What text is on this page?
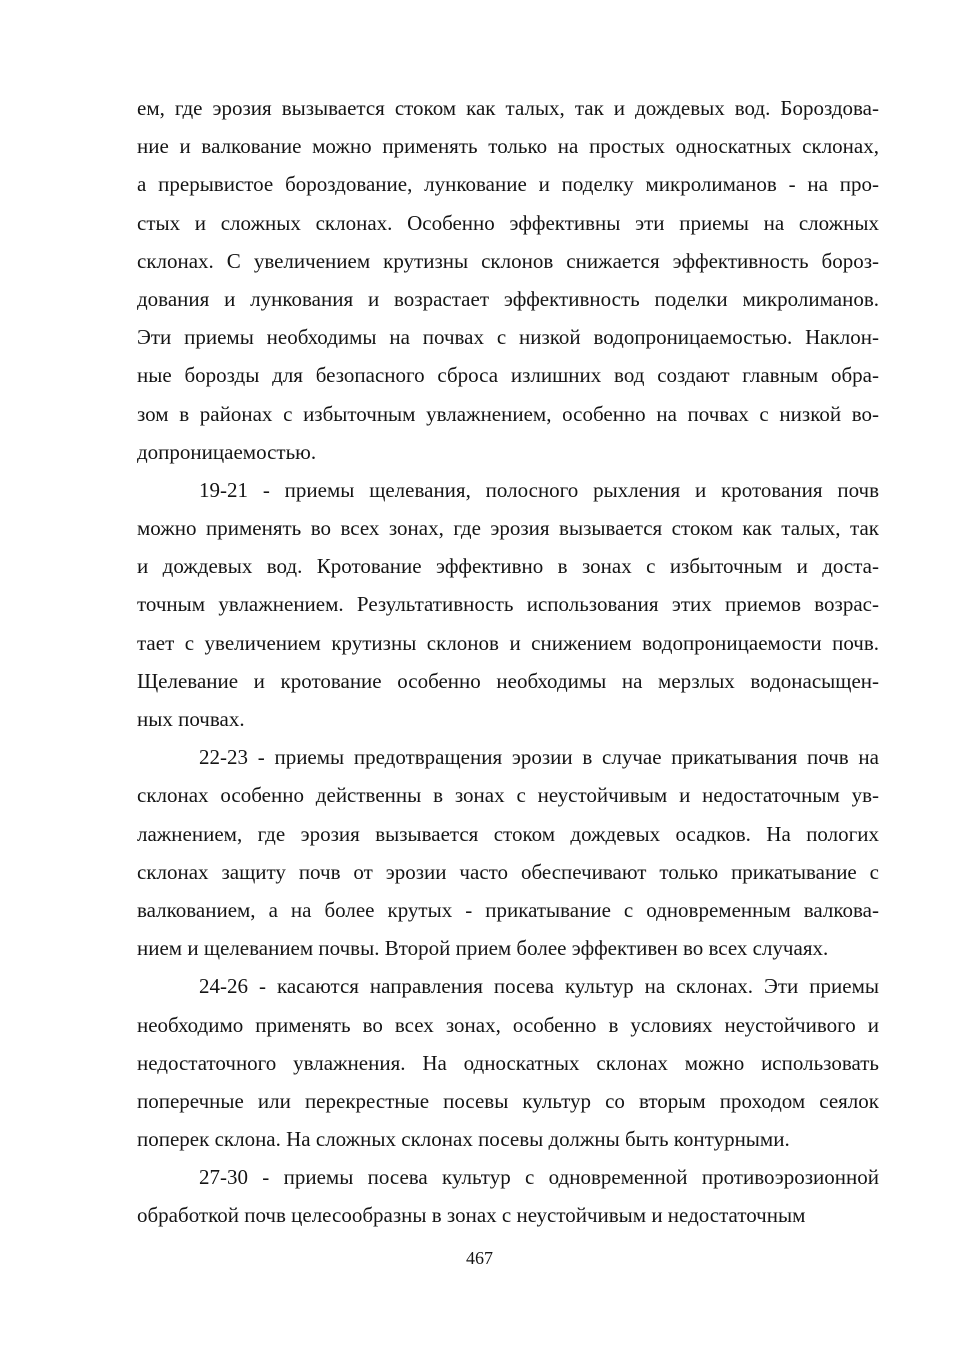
ем, где эрозия вызывается стоком как талых, так и дождевых вод. Бороздова-
ние и валкование можно применять только на простых односкатных склонах,
а прерывистое бороздование, лункование и поделку микролиманов - на про-
стых и сложных склонах. Особенно эффективны эти приемы на сложных
склонах. С увеличением крутизны склонов снижается эффективность бороз-
дования и лункования и возрастает эффективность поделки микролиманов.
Эти приемы необходимы на почвах с низкой водопроницаемостью. Наклон-
ные борозды для безопасного сброса излишних вод создают главным обра-
зом в районах с избыточным увлажнением, особенно на почвах с низкой во-
допроницаемостью.
19-21 - приемы щелевания, полосного рыхления и кротования почв
можно применять во всех зонах, где эрозия вызывается стоком как талых, так
и дождевых вод. Кротование эффективно в зонах с избыточным и доста-
точным увлажнением. Результативность использования этих приемов возрас-
тает с увеличением крутизны склонов и снижением водопроницаемости почв.
Щелевание и кротование особенно необходимы на мерзлых водонасыщен-
ных почвах.
22-23 - приемы предотвращения эрозии в случае прикатывания почв на
склонах особенно действенны в зонах с неустойчивым и недостаточным ув-
лажнением, где эрозия вызывается стоком дождевых осадков. На пологих
склонах защиту почв от эрозии часто обеспечивают только прикатывание с
валкованием, а на более крутых - прикатывание с одновременным валкова-
нием и щелеванием почвы. Второй прием более эффективен во всех случаях.
24-26 - касаются направления посева культур на склонах. Эти приемы
необходимо применять во всех зонах, особенно в условиях неустойчивого и
недостаточного увлажнения. На односкатных склонах можно использовать
поперечные или перекрестные посевы культур со вторым проходом сеялок
поперек склона. На сложных склонах посевы должны быть контурными.
27-30 - приемы посева культур с одновременной противоэрозионной
обработкой почв целесообразны в зонах с неустойчивым и недостаточным
467
